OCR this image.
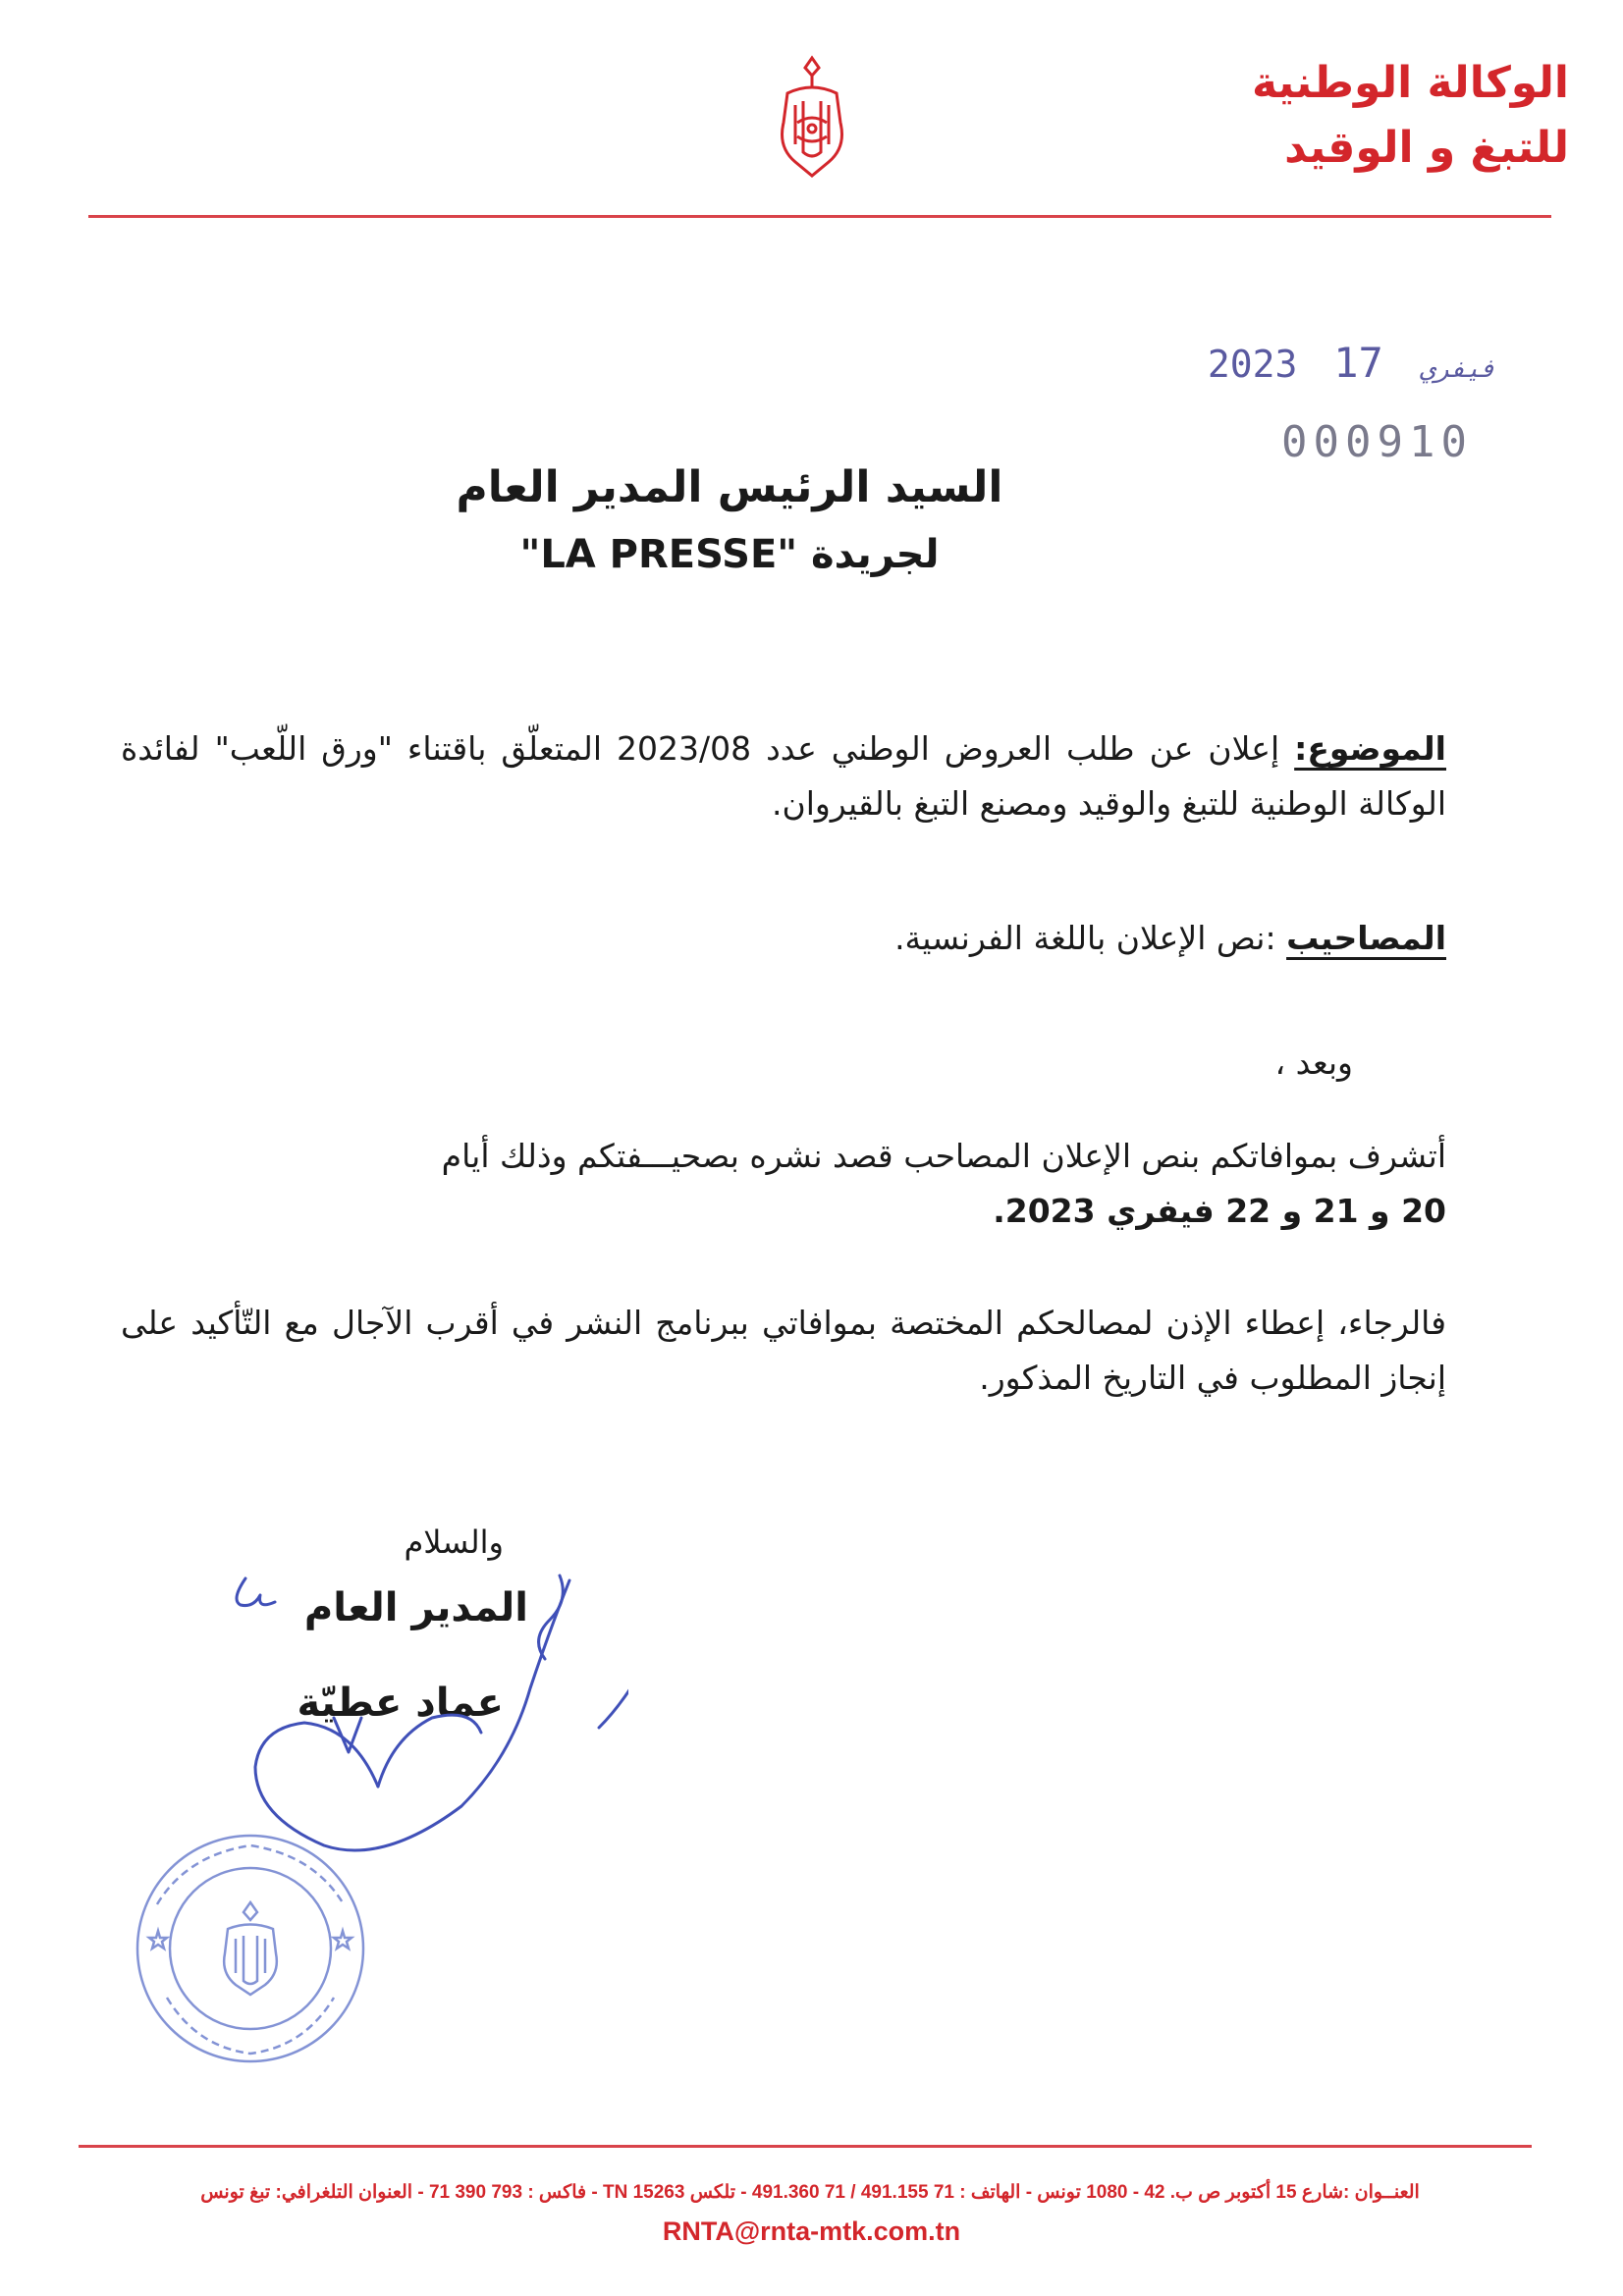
الوكالة الوطنية
للتبغ و الوقيد
2023	فيفري 17
000910
السيد الرئيس المدير العام
لجريدة "LA PRESSE"
الموضوع: إعلان عن طلب العروض الوطني عدد 2023/08 المتعلّق باقتناء "ورق اللّعب" لفائدة الوكالة الوطنية للتبغ والوقيد ومصنع التبغ بالقيروان.
المصاحيب :نص الإعلان باللغة الفرنسية.
وبعد ،
أتشرف بموافاتكم بنص الإعلان المصاحب قصد نشره بصحيـــفتكم وذلك أيام
20 و 21 و 22 فيفري 2023.
فالرجاء، إعطاء الإذن لمصالحكم المختصة بموافاتي ببرنامج النشر في أقرب الآجال مع التّأكيد على إنجاز المطلوب في التاريخ المذكور.
والسلام
المدير العام
عماد عطيّة
العنــوان :شارع 15 أكتوبر ص ب. 42 - 1080 تونس - الهاتف : 71 491.155 / 71 491.360 - تلكس 15263 TN - فاكس : 793 390 71 - العنوان التلغرافي: تبغ تونس
RNTA@rnta-mtk.com.tn
